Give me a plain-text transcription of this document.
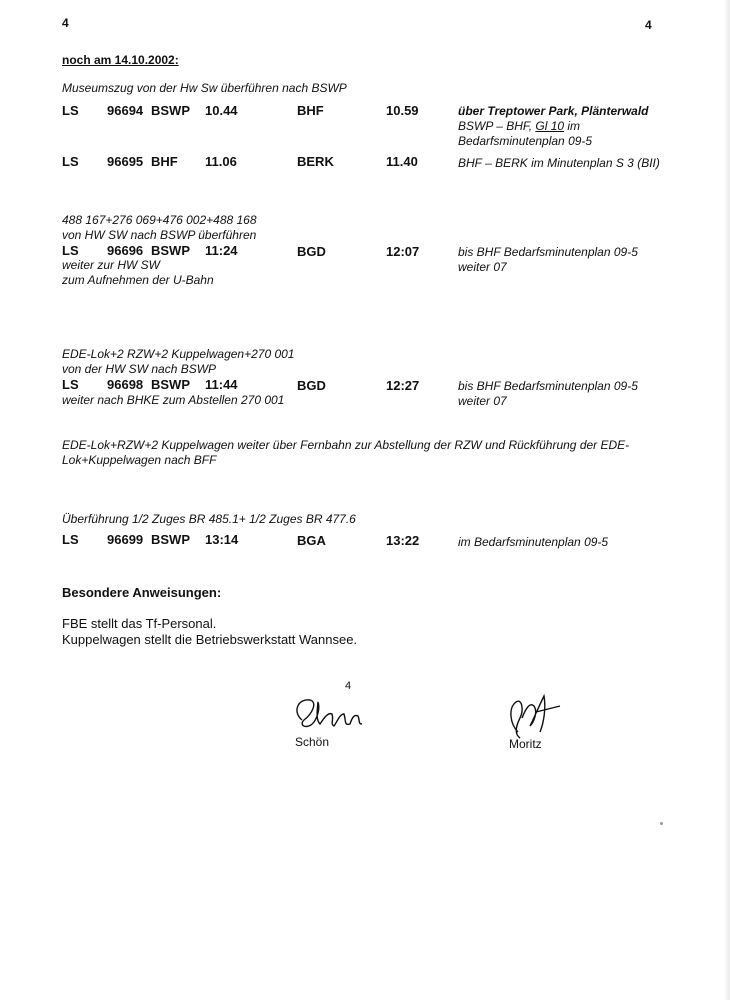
4	4
noch am 14.10.2002:
Museumszug von der Hw Sw überführen nach BSWP
LS 96694 BSWP 10.44	BHF	10.59	über Treptower Park, Plänterwald
BSWP – BHF, Gl 10 im
Bedarfsminutenplan 09-5
LS 96695 BHF 11.06	BERK	11.40	BHF – BERK im Minutenplan S 3 (BII)
488 167+276 069+476 002+488 168
von HW SW nach BSWP überführen
LS 96696 BSWP 11:24	BGD	12:07	bis BHF Bedarfsminutenplan 09-5
weiter 07
weiter zur HW SW
zum Aufnehmen der U-Bahn
EDE-Lok+2 RZW+2 Kuppelwagen+270 001
von der HW SW nach BSWP
LS 96698 BSWP 11:44	BGD	12:27	bis BHF Bedarfsminutenplan 09-5
weiter 07
weiter nach BHKE zum Abstellen 270 001
EDE-Lok+RZW+2 Kuppelwagen weiter über Fernbahn zur Abstellung der RZW und Rückführung der EDE-
Lok+Kuppelwagen nach BFF
Überführung 1/2 Zuges BR 485.1+ 1/2 Zuges BR 477.6
LS 96699 BSWP 13:14	BGA	13:22	im Bedarfsminutenplan 09-5
Besondere Anweisungen:
FBE stellt das Tf-Personal.
Kuppelwagen stellt die Betriebswerkstatt Wannsee.
4
Schön	Moritz
